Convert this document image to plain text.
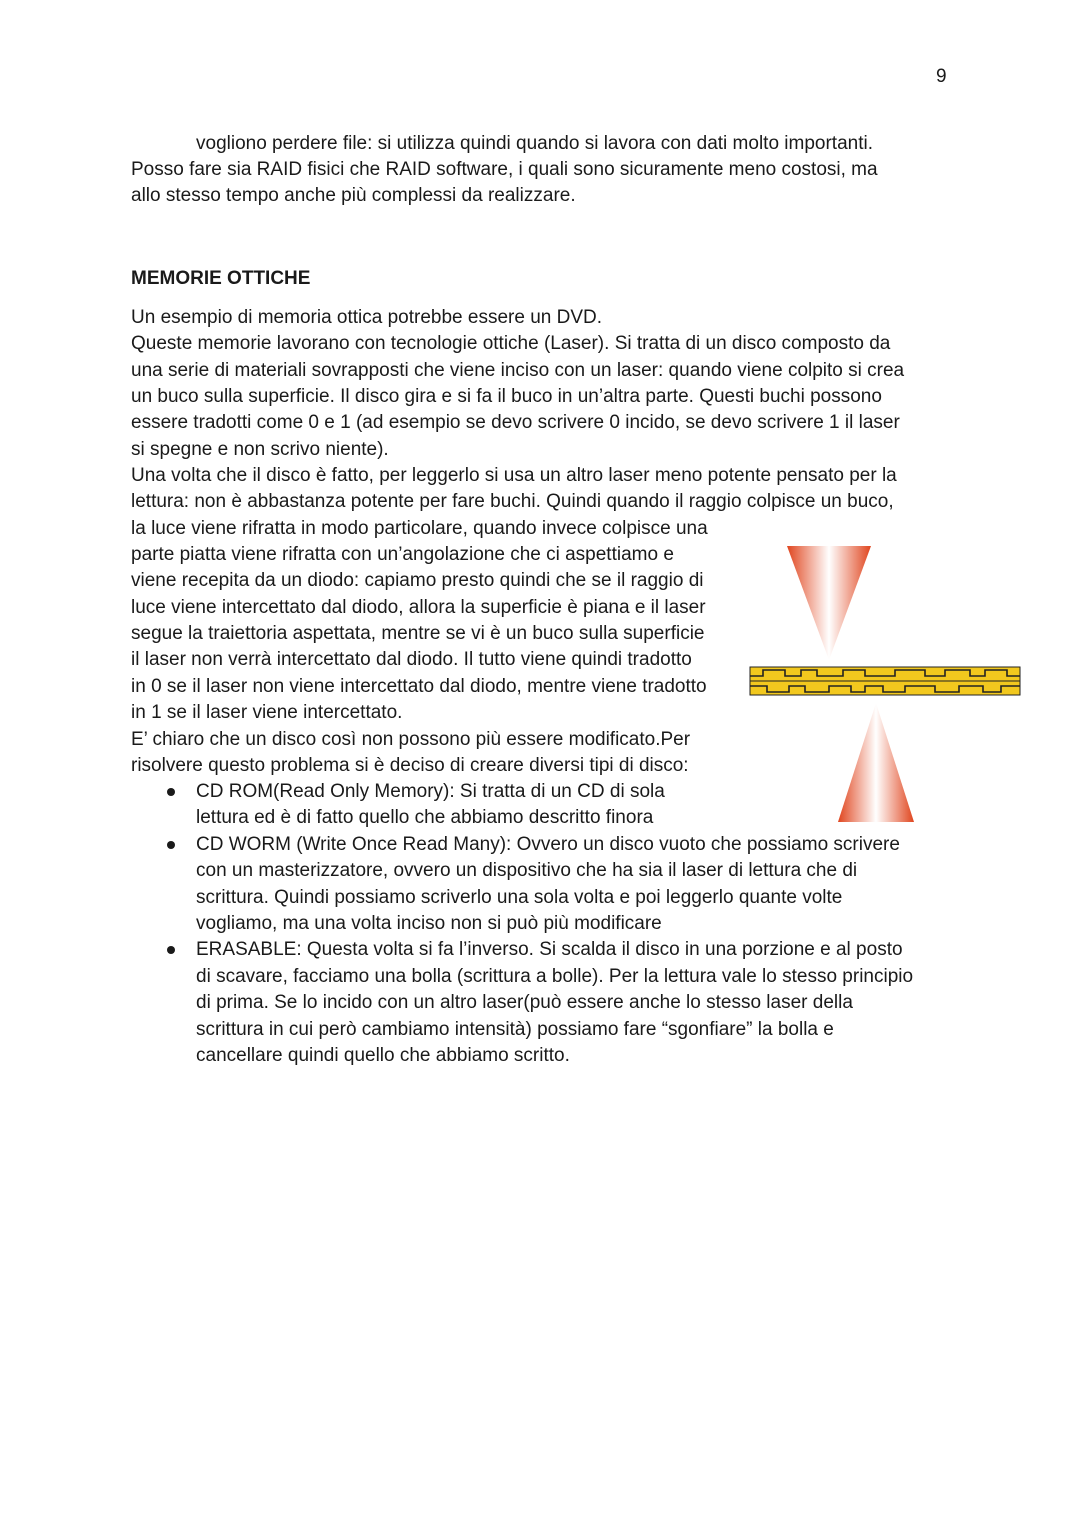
9
vogliono perdere file: si utilizza quindi quando si lavora con dati molto importanti.
Posso fare sia RAID fisici che RAID software, i quali sono sicuramente meno costosi, ma
allo stesso tempo anche più complessi da realizzare.
MEMORIE OTTICHE
Un esempio di memoria ottica potrebbe essere un DVD.
Queste memorie lavorano con tecnologie ottiche (Laser). Si tratta di un disco composto da
una serie di materiali sovrapposti che viene inciso con un laser: quando viene colpito si crea
un buco sulla superficie. Il disco gira e si fa il buco in un’altra parte. Questi buchi possono
essere tradotti come 0 e 1 (ad esempio se devo scrivere 0 incido, se devo scrivere 1 il laser
si spegne e non scrivo niente).
Una volta che il disco è fatto, per leggerlo si usa un altro laser meno potente pensato per la
lettura: non è abbastanza potente per fare buchi. Quindi quando il raggio colpisce un buco,
la luce viene rifratta in modo particolare, quando invece colpisce una
parte piatta viene rifratta con un’angolazione che ci aspettiamo e
viene recepita da un diodo: capiamo presto quindi che se il raggio di
luce viene intercettato dal diodo, allora la superficie è piana e il laser
segue la traiettoria aspettata, mentre se vi è un buco sulla superficie
il laser non verrà intercettato dal diodo. Il tutto viene quindi tradotto
in 0 se il laser non viene intercettato dal diodo, mentre viene tradotto
in 1 se il laser viene intercettato.
E’ chiaro che un disco così non possono più essere modificato.Per
risolvere questo problema si è deciso di creare diversi tipi di disco:
CD ROM(Read Only Memory): Si tratta di un CD di sola
lettura ed è di fatto quello che abbiamo descritto finora
CD WORM (Write Once Read Many): Ovvero un disco vuoto che possiamo scrivere
con un masterizzatore, ovvero un dispositivo che ha sia il laser di lettura che di
scrittura. Quindi possiamo scriverlo una sola volta e poi leggerlo quante volte
vogliamo, ma una volta inciso non si può più modificare
ERASABLE: Questa volta si fa l’inverso. Si scalda il disco in una porzione e al posto
di scavare, facciamo una bolla (scrittura a bolle). Per la lettura vale lo stesso principio
di prima. Se lo incido con un altro laser(può essere anche lo stesso laser della
scrittura in cui però cambiamo intensità) possiamo fare “sgonfiare” la bolla e
cancellare quindi quello che abbiamo scritto.
